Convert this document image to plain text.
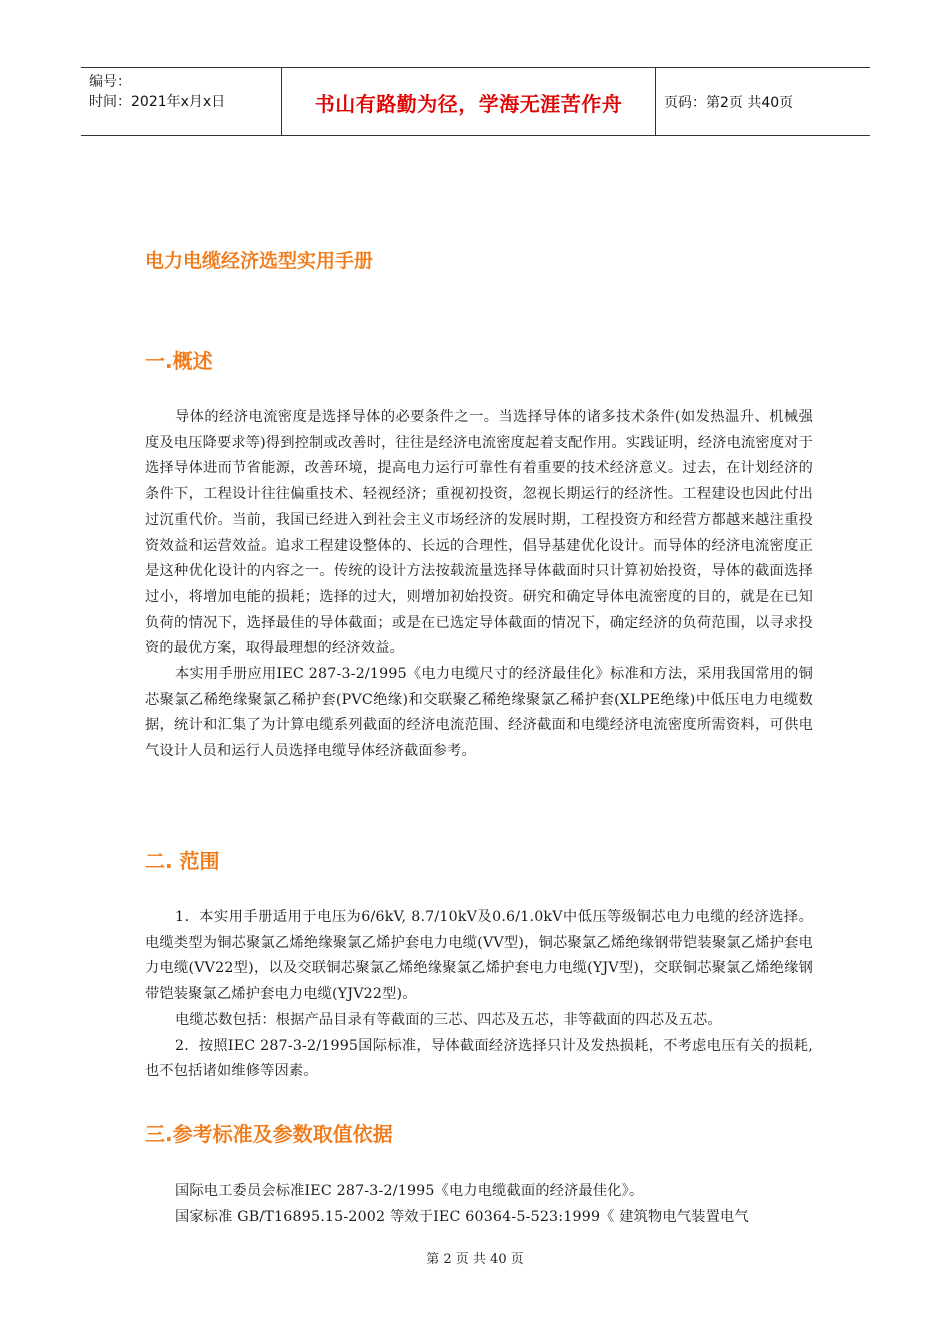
编号：
时间：2021年x月x日	书山有路勤为径，学海无涯苦作舟	页码：第2页 共40页
电力电缆经济选型实用手册
一.概述

导体的经济电流密度是选择导体的必要条件之一。当选择导体的诸多技术条件(如发热温升、机械强度及电压降要求等)得到控制或改善时，往往是经济电流密度起着支配作用。实践证明，经济电流密度对于选择导体进而节省能源，改善环境，提高电力运行可靠性有着重要的技术经济意义。过去，在计划经济的条件下，工程设计往往偏重技术、轻视经济；重视初投资，忽视长期运行的经济性。工程建设也因此付出过沉重代价。当前，我国已经进入到社会主义市场经济的发展时期，工程投资方和经营方都越来越注重投资效益和运营效益。追求工程建设整体的、长远的合理性，倡导基建优化设计。而导体的经济电流密度正是这种优化设计的内容之一。传统的设计方法按载流量选择导体截面时只计算初始投资，导体的截面选择过小，将增加电能的损耗；选择的过大，则增加初始投资。研究和确定导体电流密度的目的，就是在已知负荷的情况下，选择最佳的导体截面；或是在已选定导体截面的情况下，确定经济的负荷范围，以寻求投资的最优方案，取得最理想的经济效益。

本实用手册应用IEC 287-3-2/1995《电力电缆尺寸的经济最佳化》标准和方法，采用我国常用的铜芯聚氯乙稀绝缘聚氯乙稀护套(PVC绝缘)和交联聚乙稀绝缘聚氯乙稀护套(XLPE绝缘)中低压电力电缆数据，统计和汇集了为计算电缆系列截面的经济电流范围、经济截面和电缆经济电流密度所需资料，可供电气设计人员和运行人员选择电缆导体经济截面参考。

二. 范围

1．本实用手册适用于电压为6/6kV, 8.7/10kV及0.6/1.0kV中低压等级铜芯电力电缆的经济选择。电缆类型为铜芯聚氯乙烯绝缘聚氯乙烯护套电力电缆(VV型)，铜芯聚氯乙烯绝缘钢带铠装聚氯乙烯护套电力电缆(VV22型)，以及交联铜芯聚氯乙烯绝缘聚氯乙烯护套电力电缆(YJV型)，交联铜芯聚氯乙烯绝缘钢带铠装聚氯乙烯护套电力电缆(YJV22型)。

电缆芯数包括：根据产品目录有等截面的三芯、四芯及五芯，非等截面的四芯及五芯。

2．按照IEC 287-3-2/1995国际标准，导体截面经济选择只计及发热损耗，不考虑电压有关的损耗, 也不包括诸如维修等因素。

三.参考标准及参数取值依据

国际电工委员会标准IEC 287-3-2/1995《电力电缆截面的经济最佳化》。

国家标准 GB/T16895.15-2002 等效于IEC 60364-5-523:1999《 建筑物电气装置电气

第 2 页 共 40 页
